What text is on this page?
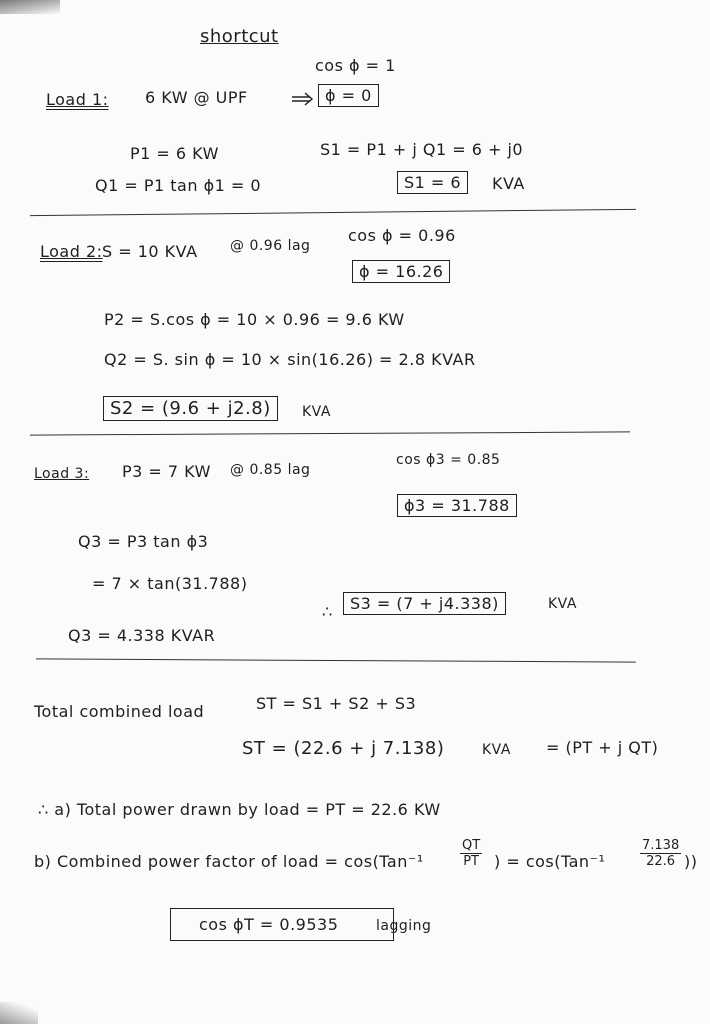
shortcut
cos ϕ = 1
Load 1: 6 KW @ UPF	ϕ = 0
P1 = 6 KW	S1 = P1 + j Q1 = 6 + j0
Q1 = P1 tan ϕ1 = 0	S1 = 6	KVA
cos ϕ = 0.96
Load 2: S = 10 KVA @ 0.96 lag
ϕ = 16.26
P2 = S.cos ϕ = 10 × 0.96 = 9.6 KW
Q2 = S. sin ϕ = 10 × sin(16.26) = 2.8 KVAR
S2 = (9.6 + j2.8)	KVA
cos ϕ3 = 0.85
Load 3: P3 = 7 KW @ 0.85 lag
ϕ3 = 31.788
Q3 = P3 tan ϕ3
= 7 × tan(31.788)
∴	S3 = (7 + j4.338)	KVA
Q3 = 4.338 KVAR
Total combined load	ST = S1 + S2 + S3
ST = (22.6 + j 7.138)	KVA = (PT + j QT)
∴ a) Total power drawn by load = PT = 22.6 KW
b) Combined power factor of load = cos(Tan⁻¹	$\frac{QT}{PT}$ ) = cos(Tan⁻¹	$\frac{7.138}{22.6}$ ))
cos ϕT = 0.9535	lagging
